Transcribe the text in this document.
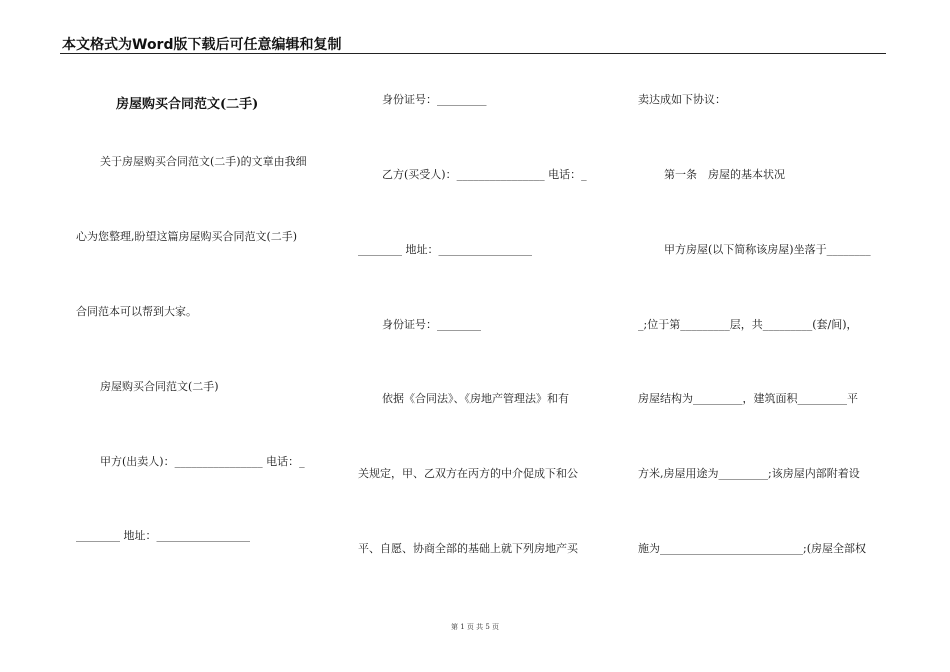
本文格式为Word版下载后可任意编辑和复制
房屋购买合同范文(二手)
关于房屋购买合同范文(二手)的文章由我细
心为您整理,盼望这篇房屋购买合同范文(二手)
合同范本可以帮到大家。
房屋购买合同范文(二手)
甲方(出卖人)：________________ 电话：_
________ 地址：_________________
身份证号：_________
乙方(买受人)：________________ 电话：_
________ 地址：_________________
身份证号：________
依据《合同法》、《房地产管理法》和有
关规定，甲、乙双方在丙方的中介促成下和公
平、自愿、协商全部的基础上就下列房地产买
卖达成如下协议：
第一条　房屋的基本状况
甲方房屋(以下简称该房屋)坐落于________
_;位于第_________层，共_________(套/间)，
房屋结构为_________，建筑面积_________平
方米,房屋用途为_________;该房屋内部附着设
施为__________________________;(房屋全部权
第 1 页 共 5 页
